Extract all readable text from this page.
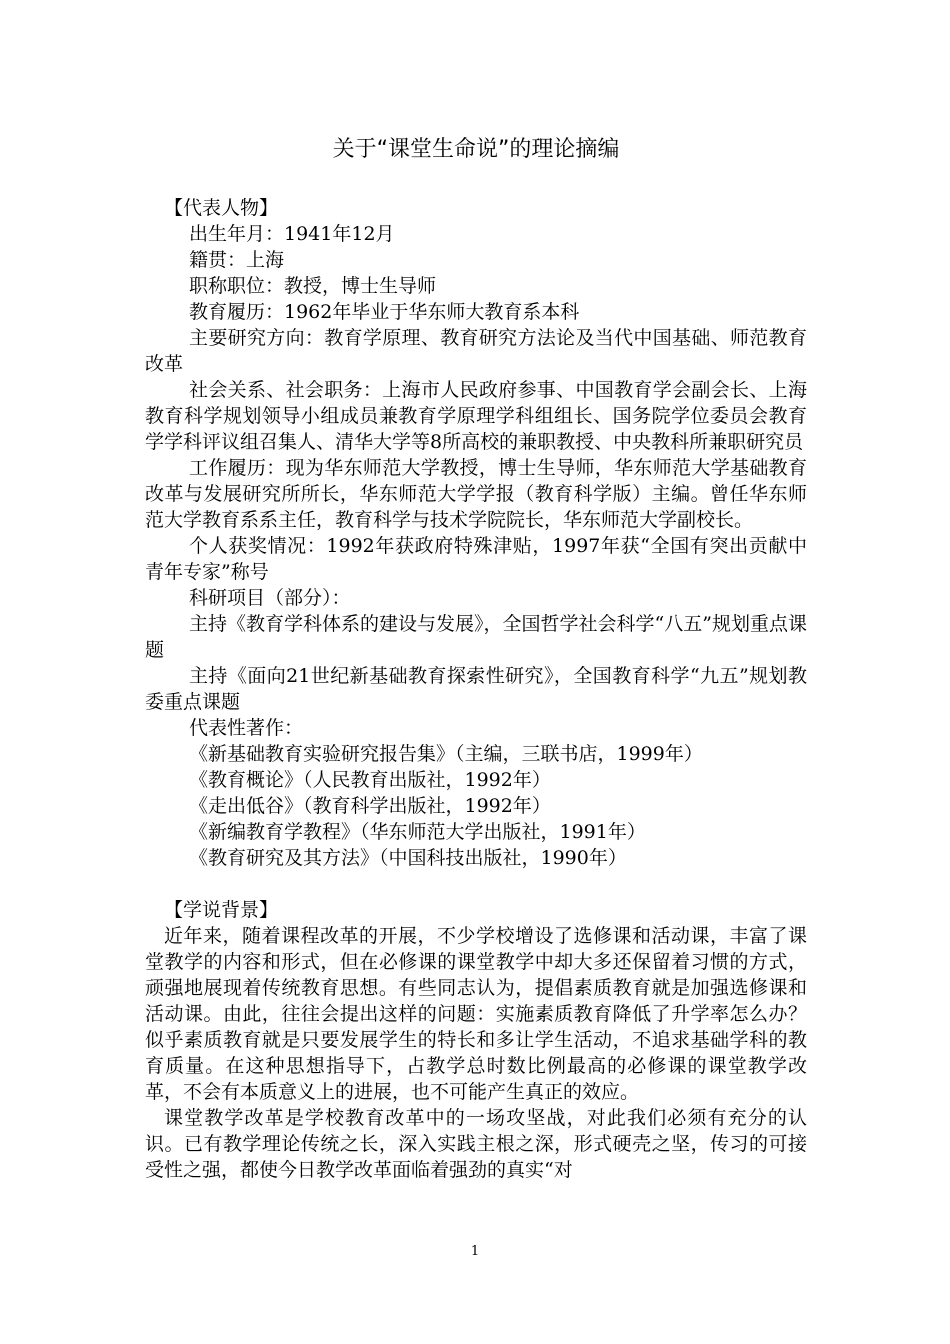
关于“课堂生命说”的理论摘编

【代表人物】

出生年月：1941年12月

籍贯：上海

职称职位：教授，博士生导师

教育履历：1962年毕业于华东师大教育系本科

主要研究方向：教育学原理、教育研究方法论及当代中国基础、师范教育改革

社会关系、社会职务：上海市人民政府参事、中国教育学会副会长、上海教育科学规划领导小组成员兼教育学原理学科组组长、国务院学位委员会教育学学科评议组召集人、清华大学等8所高校的兼职教授、中央教科所兼职研究员

工作履历：现为华东师范大学教授，博士生导师，华东师范大学基础教育改革与发展研究所所长，华东师范大学学报（教育科学版）主编。曾任华东师范大学教育系系主任，教育科学与技术学院院长，华东师范大学副校长。

个人获奖情况：1992年获政府特殊津贴，1997年获“全国有突出贡献中青年专家”称号

科研项目（部分）：

主持《教育学科体系的建设与发展》，全国哲学社会科学“八五”规划重点课题

主持《面向21世纪新基础教育探索性研究》，全国教育科学“九五”规划教委重点课题

代表性著作：

《新基础教育实验研究报告集》（主编，三联书店，1999年）

《教育概论》（人民教育出版社，1992年）

《走出低谷》（教育科学出版社，1992年）

《新编教育学教程》（华东师范大学出版社，1991年）

《教育研究及其方法》（中国科技出版社，1990年）

【学说背景】

近年来，随着课程改革的开展，不少学校增设了选修课和活动课，丰富了课堂教学的内容和形式，但在必修课的课堂教学中却大多还保留着习惯的方式，顽强地展现着传统教育思想。有些同志认为，提倡素质教育就是加强选修课和活动课。由此，往往会提出这样的问题：实施素质教育降低了升学率怎么办？似乎素质教育就是只要发展学生的特长和多让学生活动，不追求基础学科的教育质量。在这种思想指导下，占教学总时数比例最高的必修课的课堂教学改革，不会有本质意义上的进展，也不可能产生真正的效应。

课堂教学改革是学校教育改革中的一场攻坚战，对此我们必须有充分的认识。已有教学理论传统之长，深入实践主根之深，形式硬壳之坚，传习的可接受性之强，都使今日教学改革面临着强劲的真实“对

1
